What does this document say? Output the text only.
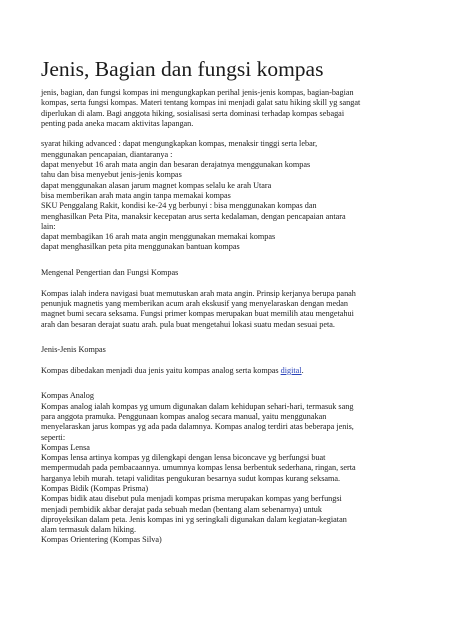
Jenis, Bagian dan fungsi kompas
jenis, bagian, dan fungsi kompas ini mengungkapkan perihal jenis-jenis kompas, bagian-bagian
kompas, serta fungsi kompas. Materi tentang kompas ini menjadi galat satu hiking skill yg sangat
diperlukan di alam. Bagi anggota hiking, sosialisasi serta dominasi terhadap kompas sebagai
penting pada aneka macam aktivitas lapangan.
syarat hiking advanced : dapat mengungkapkan kompas, menaksir tinggi serta lebar,
menggunakan pencapaian, diantaranya :
dapat menyebut 16 arah mata angin dan besaran derajatnya menggunakan kompas
tahu dan bisa menyebut jenis-jenis kompas
dapat menggunakan alasan jarum magnet kompas selalu ke arah Utara
bisa memberikan arah mata angin tanpa memakai kompas
SKU Penggalang Rakit, kondisi ke-24 yg berbunyi : bisa menggunakan kompas dan
menghasilkan Peta Pita, manaksir kecepatan arus serta kedalaman, dengan pencapaian antara
lain:
dapat membagikan 16 arah mata angin menggunakan memakai kompas
dapat menghasilkan peta pita menggunakan bantuan kompas
Mengenal Pengertian dan Fungsi Kompas
Kompas ialah indera navigasi buat memutuskan arah mata angin. Prinsip kerjanya berupa panah
penunjuk magnetis yang memberikan acum arah ekskusif yang menyelaraskan dengan medan
magnet bumi secara seksama. Fungsi primer kompas merupakan buat memilih atau mengetahui
arah dan besaran derajat suatu arah. pula buat mengetahui lokasi suatu medan sesuai peta.
Jenis-Jenis Kompas
Kompas dibedakan menjadi dua jenis yaitu kompas analog serta kompas digital.
Kompas Analog
Kompas analog ialah kompas yg umum digunakan dalam kehidupan sehari-hari, termasuk sang
para anggota pramuka. Penggunaan kompas analog secara manual, yaitu menggunakan
menyelaraskan jarus kompas yg ada pada dalamnya. Kompas analog terdiri atas beberapa jenis,
seperti:
Kompas Lensa
Kompas lensa artinya kompas yg dilengkapi dengan lensa biconcave yg berfungsi buat
mempermudah pada pembacaannya. umumnya kompas lensa berbentuk sederhana, ringan, serta
harganya lebih murah. tetapi validitas pengukuran besarnya sudut kompas kurang seksama.
Kompas Bidik (Kompas Prisma)
Kompas bidik atau disebut pula menjadi kompas prisma merupakan kompas yang berfungsi
menjadi pembidik akbar derajat pada sebuah medan (bentang alam sebenarnya) untuk
diproyeksikan dalam peta. Jenis kompas ini yg seringkali digunakan dalam kegiatan-kegiatan
alam termasuk dalam hiking.
Kompas Orientering (Kompas Silva)
